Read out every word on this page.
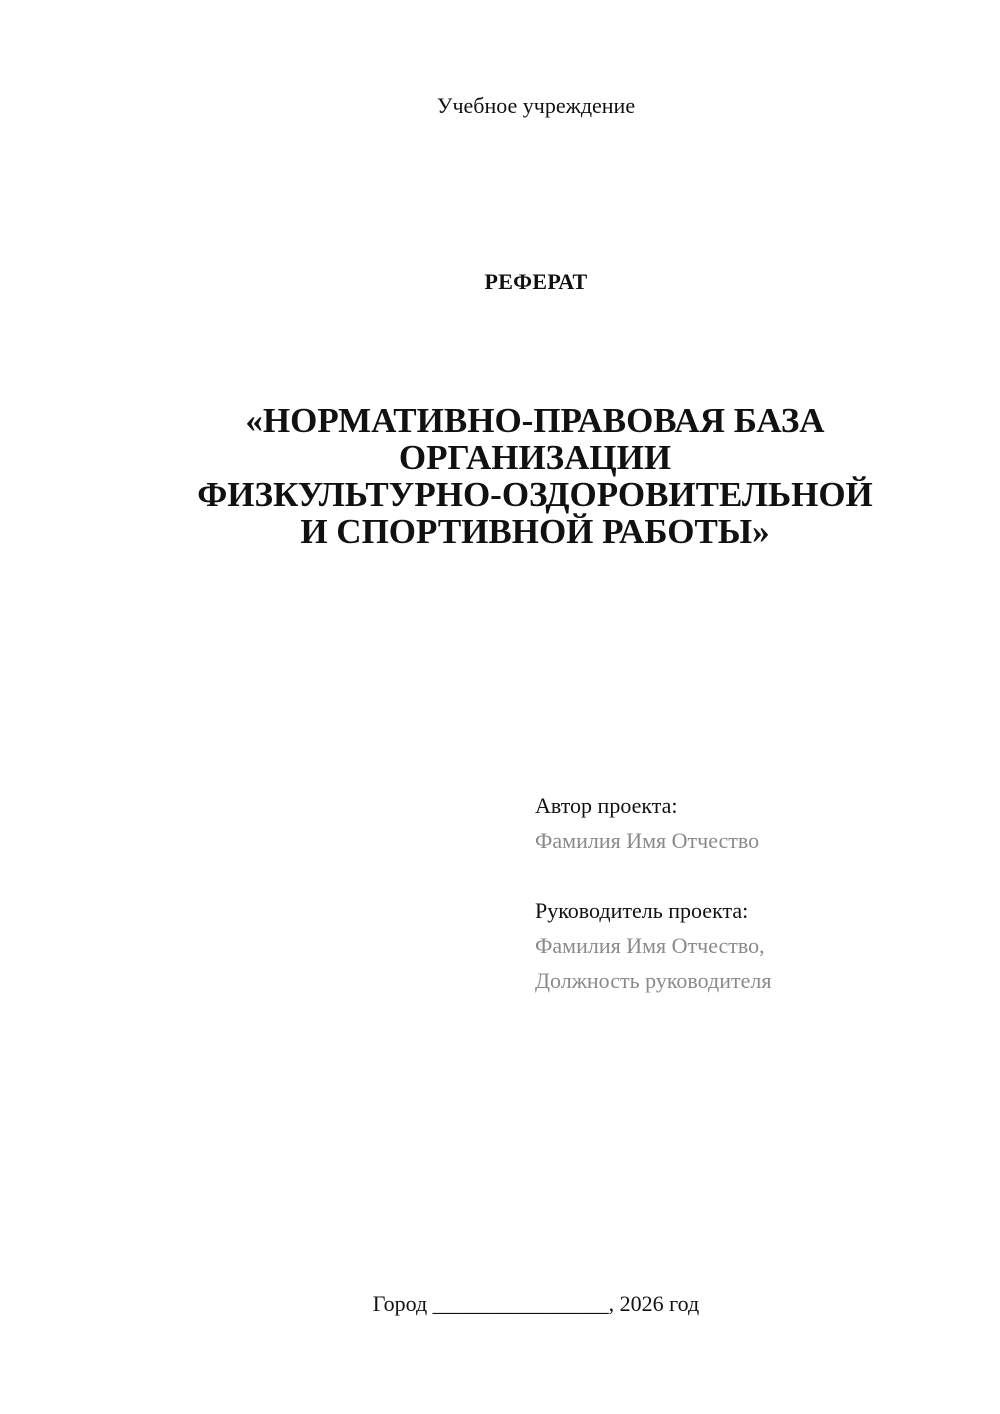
Учебное учреждение
РЕФЕРАТ
«НОРМАТИВНО-ПРАВОВАЯ БАЗА
ОРГАНИЗАЦИИ
ФИЗКУЛЬТУРНО-ОЗДОРОВИТЕЛЬНОЙ
И СПОРТИВНОЙ РАБОТЫ»
Автор проекта:
Фамилия Имя Отчество
Руководитель проекта:
Фамилия Имя Отчество,
Должность руководителя
Город ________________, 2026 год
